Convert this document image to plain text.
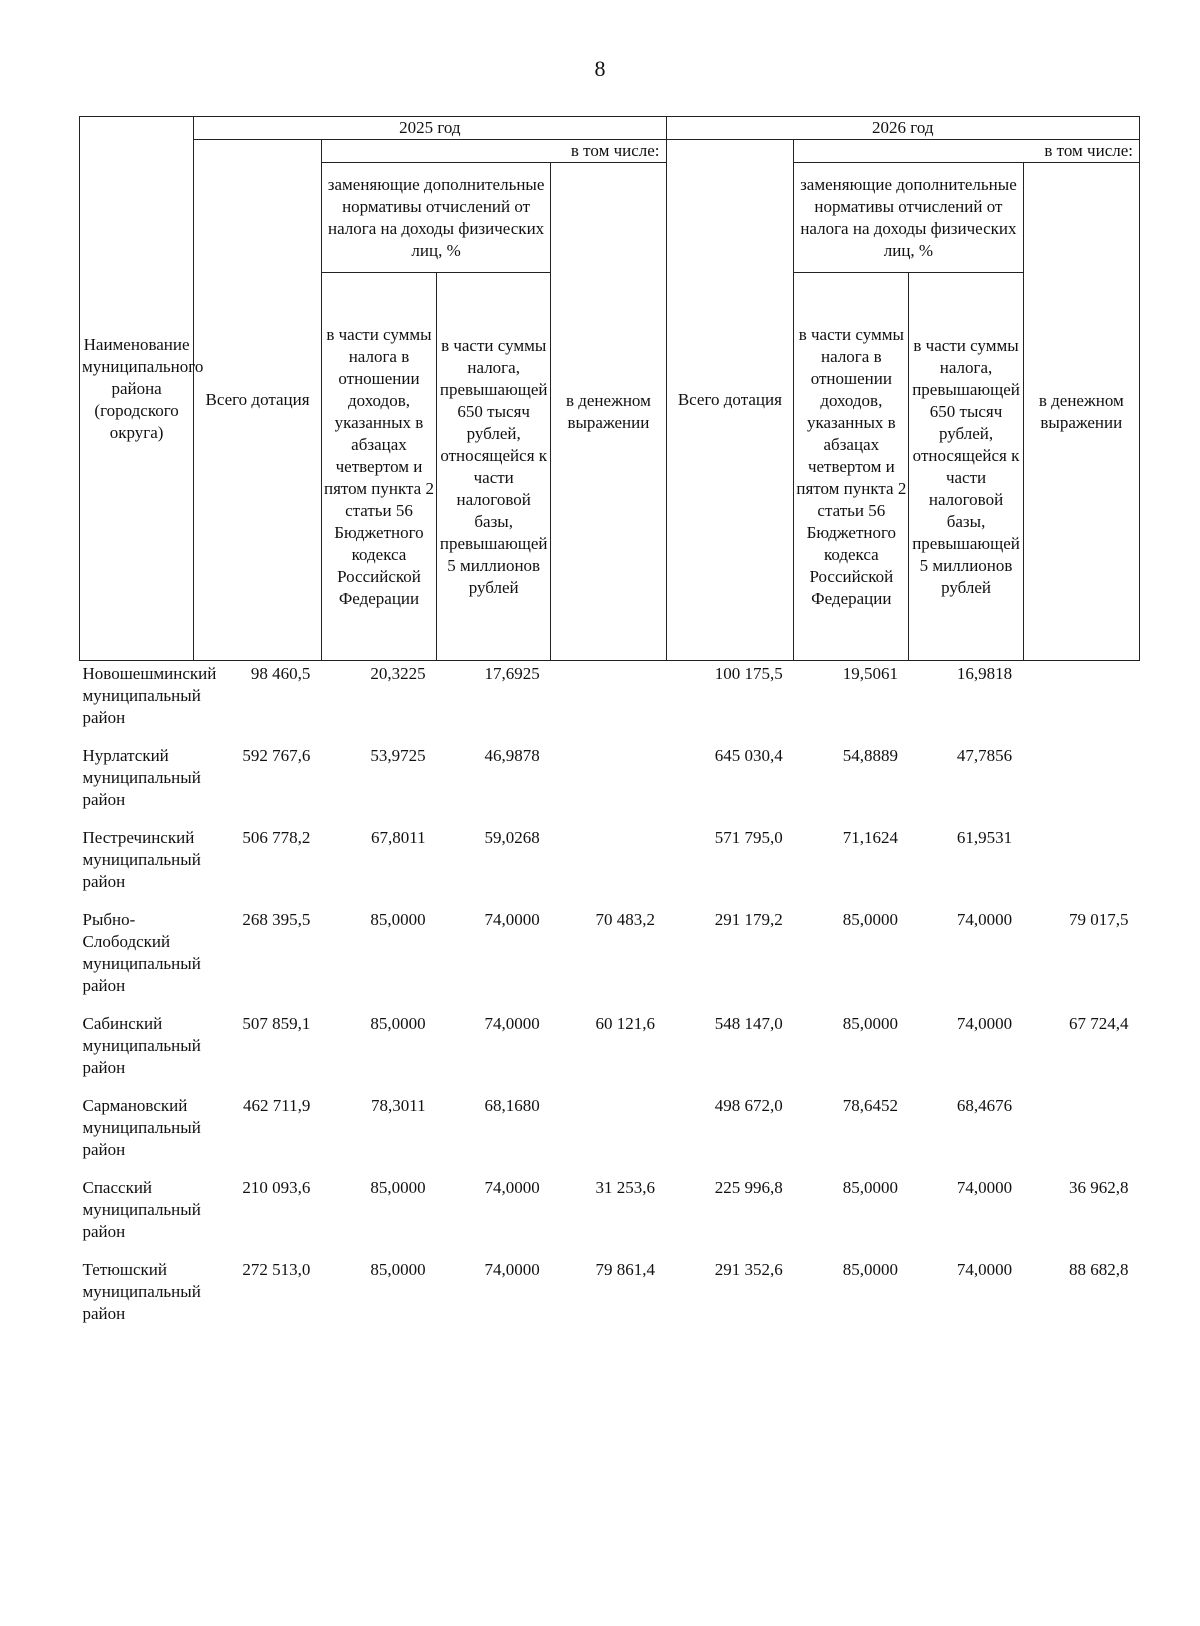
8
Наименование муниципального района (городского округа)	2025 год				2026 год			
	Всего дотация	в том числе:			Всего дотация	в том числе:		
		заменяющие дополнительные нормативы отчислений от налога на доходы физических лиц, %		в денежном выражении		заменяющие дополнительные нормативы отчислений от налога на доходы физических лиц, %		в денежном выражении
		в части суммы налога в отношении доходов, указанных в абзацах четвертом и пятом пункта 2 статьи 56 Бюджетного кодекса Российской Федерации	в части суммы налога, превышающей 650 тысяч рублей, относящейся к части налоговой базы, превышающей 5 миллионов рублей			в части суммы налога в отношении доходов, указанных в абзацах четвертом и пятом пункта 2 статьи 56 Бюджетного кодекса Российской Федерации	в части суммы налога, превышающей 650 тысяч рублей, относящейся к части налоговой базы, превышающей 5 миллионов рублей	
Новошешминский муниципальный район	98 460,5	20,3225	17,6925		100 175,5	19,5061	16,9818	
Нурлатский муниципальный район	592 767,6	53,9725	46,9878		645 030,4	54,8889	47,7856	
Пестречинский муниципальный район	506 778,2	67,8011	59,0268		571 795,0	71,1624	61,9531	
Рыбно-Слободский муниципальный район	268 395,5	85,0000	74,0000	70 483,2	291 179,2	85,0000	74,0000	79 017,5
Сабинский муниципальный район	507 859,1	85,0000	74,0000	60 121,6	548 147,0	85,0000	74,0000	67 724,4
Сармановский муниципальный район	462 711,9	78,3011	68,1680		498 672,0	78,6452	68,4676	
Спасский муниципальный район	210 093,6	85,0000	74,0000	31 253,6	225 996,8	85,0000	74,0000	36 962,8
Тетюшский муниципальный район	272 513,0	85,0000	74,0000	79 861,4	291 352,6	85,0000	74,0000	88 682,8
